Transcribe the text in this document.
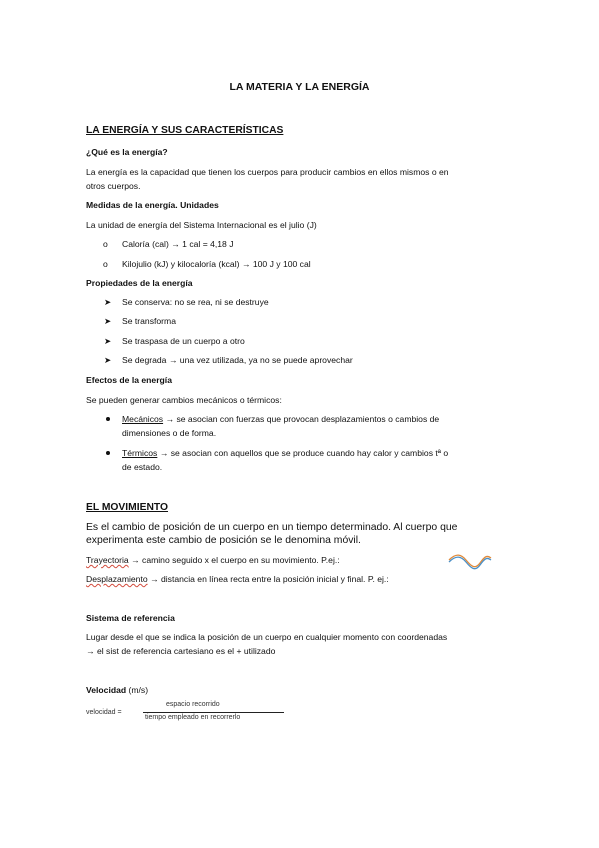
LA MATERIA Y LA ENERGÍA
LA ENERGÍA Y SUS CARACTERÍSTICAS
¿Qué es la energía?
La energía es la capacidad que tienen los cuerpos para producir cambios en ellos mismos o en
otros cuerpos.
Medidas de la energía. Unidades
La unidad de energía del Sistema Internacional es el julio (J)
o Caloría (cal) → 1 cal = 4,18 J
o Kilojulio (kJ) y kilocaloría (kcal) → 100 J y 100 cal
Propiedades de la energía
➤ Se conserva: no se rea, ni se destruye
➤ Se transforma
➤ Se traspasa de un cuerpo a otro
➤ Se degrada → una vez utilizada, ya no se puede aprovechar
Efectos de la energía
Se pueden generar cambios mecánicos o térmicos:
Mecánicos → se asocian con fuerzas que provocan desplazamientos o cambios de
dimensiones o de forma.
Térmicos → se asocian con aquellos que se produce cuando hay calor y cambios tª o
de estado.
EL MOVIMIENTO
Es el cambio de posición de un cuerpo en un tiempo determinado. Al cuerpo que
experimenta este cambio de posición se le denomina móvil.
Trayectoria → camino seguido x el cuerpo en su movimiento. P.ej.:
Desplazamiento → distancia en línea recta entre la posición inicial y final. P. ej.:
Sistema de referencia
Lugar desde el que se indica la posición de un cuerpo en cualquier momento con coordenadas
→ el sist de referencia cartesiano es el + utilizado
Velocidad (m/s)
velocidad =
espacio recorrido
tiempo empleado en recorrerlo
